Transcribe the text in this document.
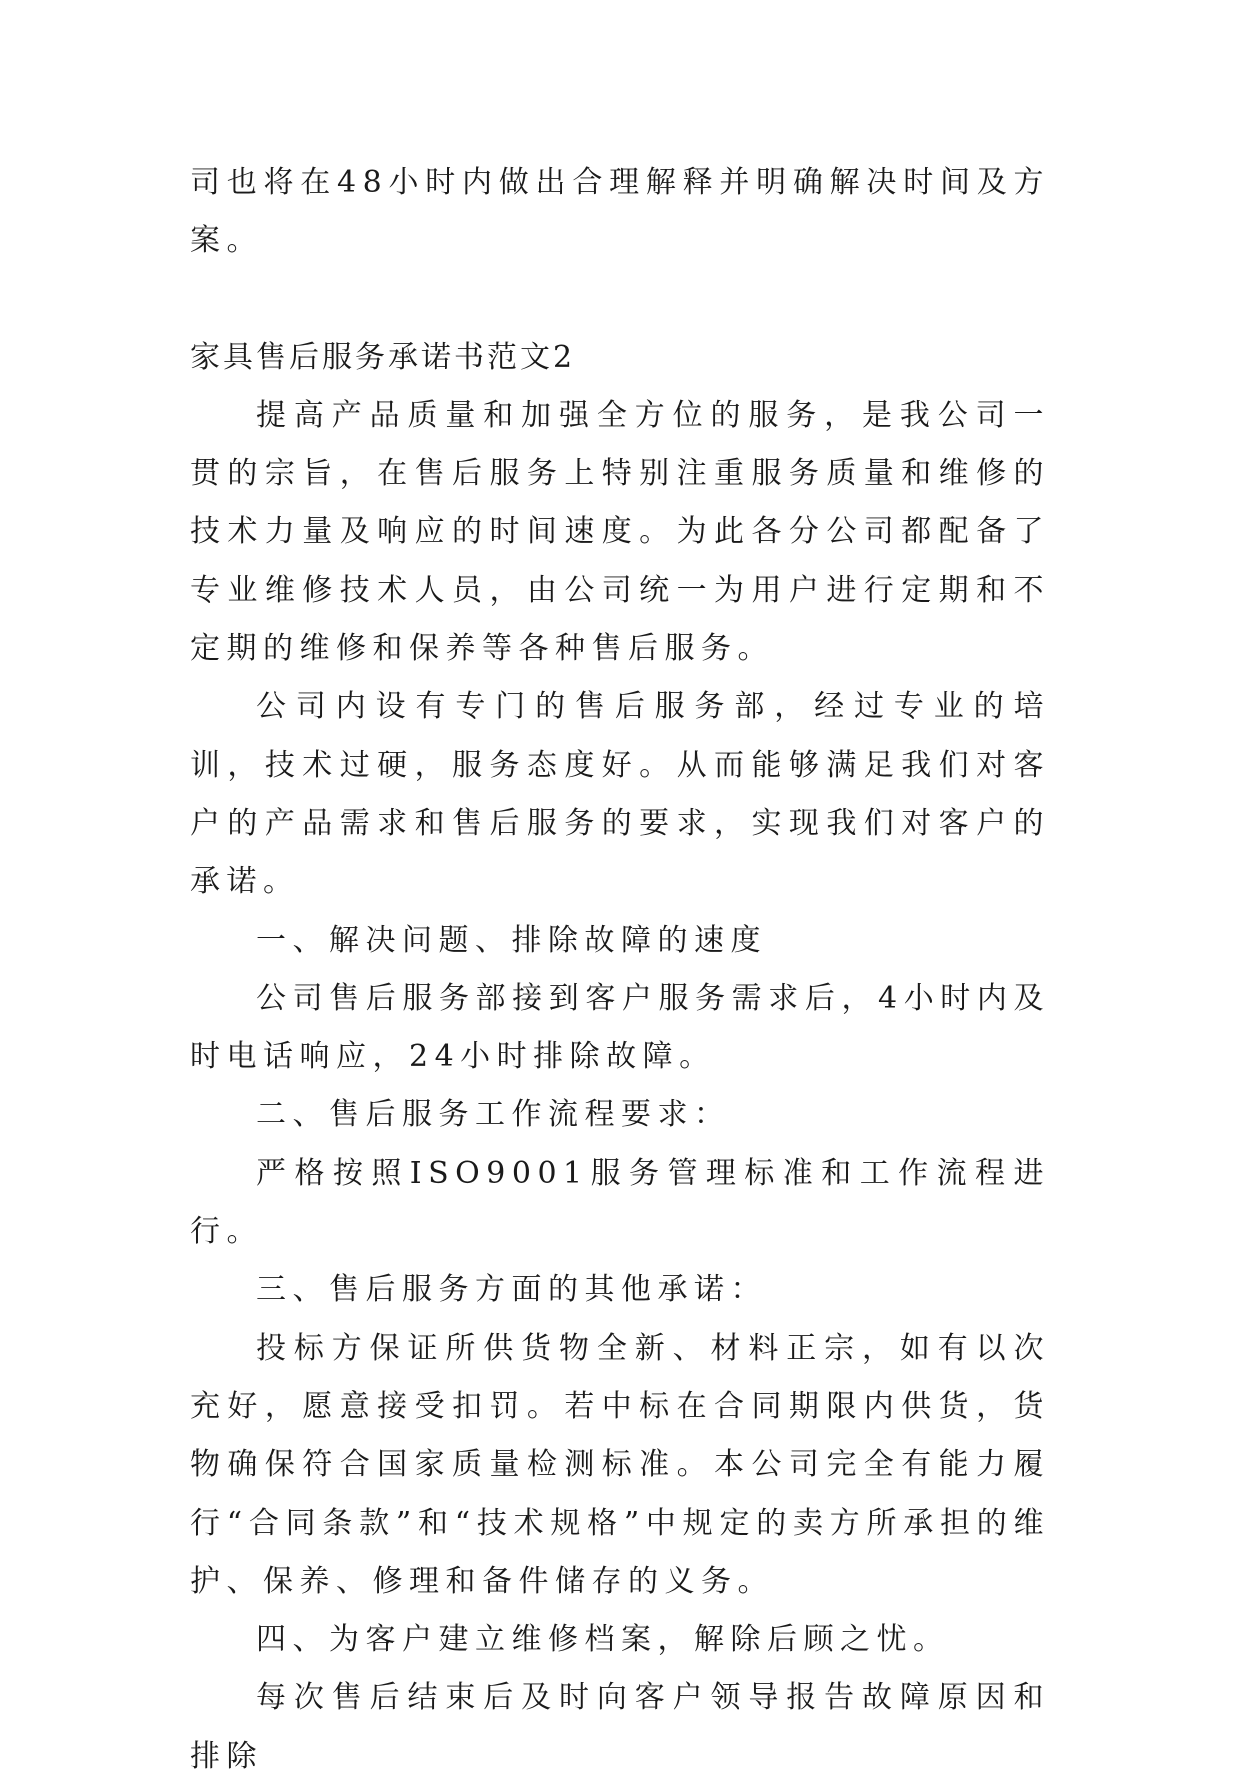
司也将在48小时内做出合理解释并明确解决时间及方案。

家具售后服务承诺书范文2

提高产品质量和加强全方位的服务，是我公司一贯的宗旨，在售后服务上特别注重服务质量和维修的技术力量及响应的时间速度。为此各分公司都配备了专业维修技术人员，由公司统一为用户进行定期和不定期的维修和保养等各种售后服务。

公司内设有专门的售后服务部，经过专业的培训，技术过硬，服务态度好。从而能够满足我们对客户的产品需求和售后服务的要求，实现我们对客户的承诺。

一、解决问题、排除故障的速度

公司售后服务部接到客户服务需求后，4小时内及时电话响应，24小时排除故障。

二、售后服务工作流程要求：

严格按照ISO9001服务管理标准和工作流程进行。

三、售后服务方面的其他承诺：

投标方保证所供货物全新、材料正宗，如有以次充好，愿意接受扣罚。若中标在合同期限内供货，货物确保符合国家质量检测标准。本公司完全有能力履行“合同条款”和“技术规格”中规定的卖方所承担的维护、保养、修理和备件储存的义务。

四、为客户建立维修档案，解除后顾之忧。

每次售后结束后及时向客户领导报告故障原因和排除
